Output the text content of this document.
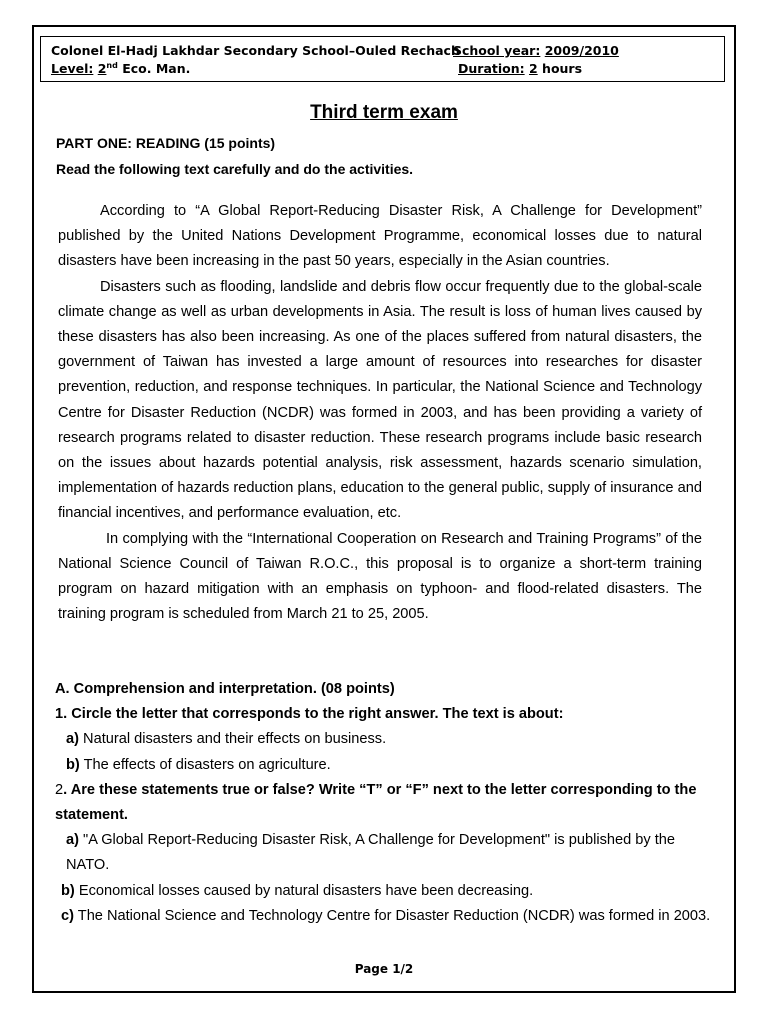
Colonel El-Hadj Lakhdar Secondary School–Ouled Rechach
School year: 2009/2010
Level: 2nd Eco. Man.	Duration: 2 hours
Third term exam
PART ONE: READING (15 points)
Read the following text carefully and do the activities.

According to “A Global Report-Reducing Disaster Risk, A Challenge for Development” published by the United Nations Development Programme, economical losses due to natural disasters have been increasing in the past 50 years, especially in the Asian countries.

Disasters such as flooding, landslide and debris flow occur frequently due to the global-scale climate change as well as urban developments in Asia. The result is loss of human lives caused by these disasters has also been increasing. As one of the places suffered from natural disasters, the government of Taiwan has invested a large amount of resources into researches for disaster prevention, reduction, and response techniques. In particular, the National Science and Technology Centre for Disaster Reduction (NCDR) was formed in 2003, and has been providing a variety of research programs related to disaster reduction. These research programs include basic research on the issues about hazards potential analysis, risk assessment, hazards scenario simulation, implementation of hazards reduction plans, education to the general public, supply of insurance and financial incentives, and performance evaluation, etc.

In complying with the “International Cooperation on Research and Training Programs” of the National Science Council of Taiwan R.O.C., this proposal is to organize a short-term training program on hazard mitigation with an emphasis on typhoon- and flood-related disasters. The training program is scheduled from March 21 to 25, 2005.

A. Comprehension and interpretation. (08 points)

1. Circle the letter that corresponds to the right answer. The text is about:

a) Natural disasters and their effects on business.

b) The effects of disasters on agriculture.

2. Are these statements true or false? Write “T” or “F” next to the letter corresponding to the statement.

a) "A Global Report-Reducing Disaster Risk, A Challenge for Development" is published by the NATO.

b) Economical losses caused by natural disasters have been decreasing.

c) The National Science and Technology Centre for Disaster Reduction (NCDR) was formed in 2003.

Page 1/2
